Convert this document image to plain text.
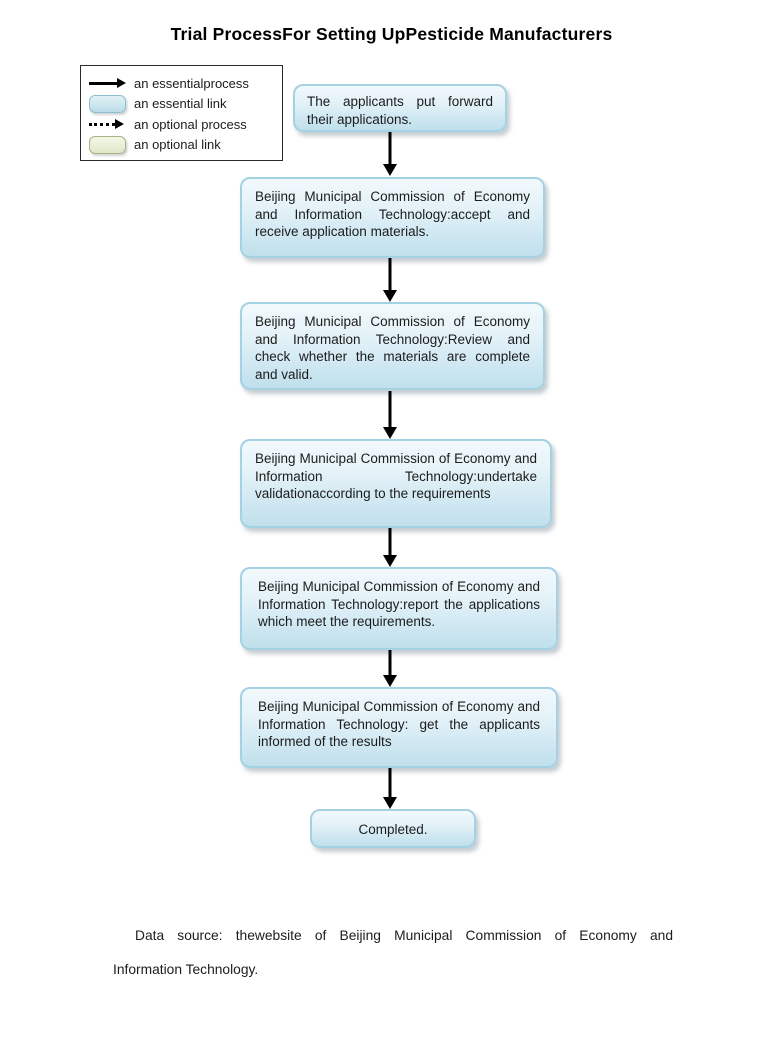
Trial ProcessFor Setting UpPesticide Manufacturers
an essentialprocess
an essential link
an optional process
an optional link
The applicants put forward their applications.
Beijing Municipal Commission of Economy and Information Technology:accept and receive application materials.
Beijing Municipal Commission of Economy and Information Technology:Review and check whether the materials are complete and valid.
Beijing Municipal Commission of Economy and Information Technology:undertake validationaccording to the requirements
Beijing Municipal Commission of Economy and Information Technology:report the applications which meet the requirements.
Beijing Municipal Commission of Economy and Information Technology: get the applicants informed of the results
Completed.
Data source: thewebsite of Beijing Municipal Commission of Economy and
Information Technology.
